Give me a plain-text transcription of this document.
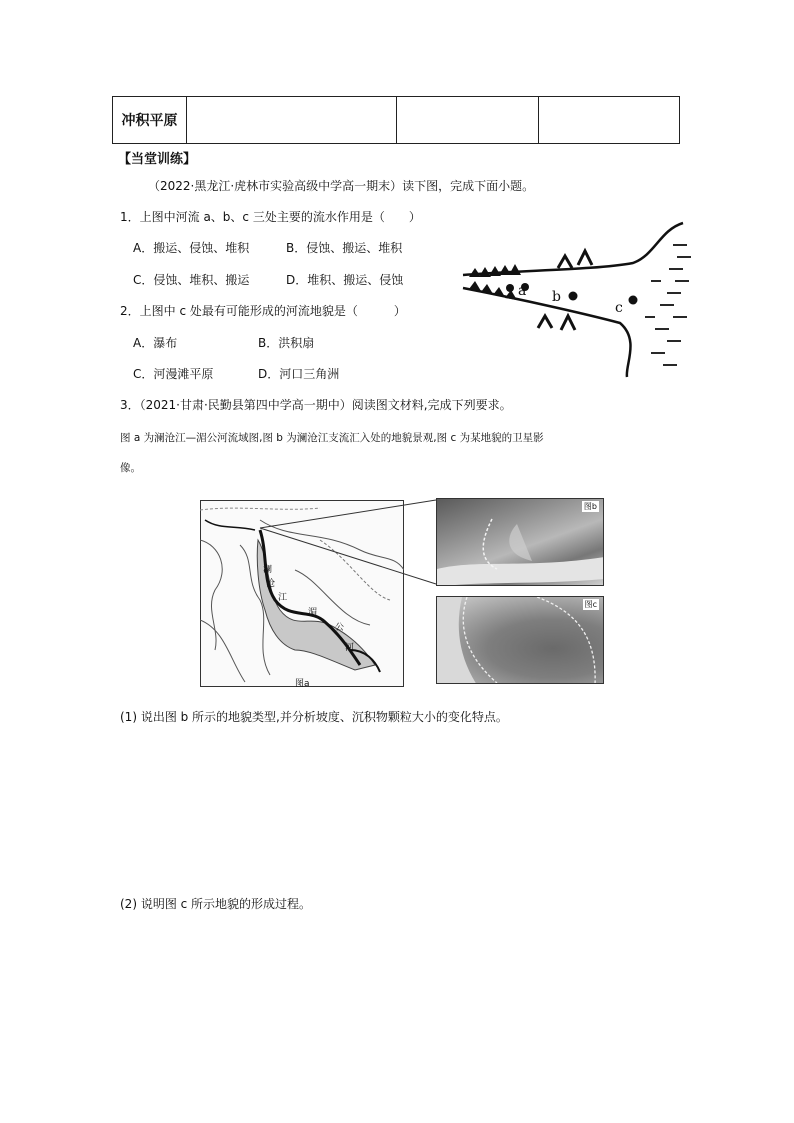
冲积平原
【当堂训练】
（2022·黑龙江·虎林市实验高级中学高一期末）读下图，完成下面小题。
1．上图中河流 a、b、c 三处主要的流水作用是（　　）
A．搬运、侵蚀、堆积	B．侵蚀、搬运、堆积
C．侵蚀、堆积、搬运	D．堆积、搬运、侵蚀
2．上图中 c 处最有可能形成的河流地貌是（　　　）
A．瀑布	B．洪积扇
C．河漫滩平原	D．河口三角洲
a b
c
3．（2021·甘肃·民勤县第四中学高一期中）阅读图文材料,完成下列要求。
图 a 为澜沧江—湄公河流域图,图 b 为澜沧江支流汇入处的地貌景观,图 c 为某地貌的卫星影
像。
澜
沧
江
湄
公
河
图a
图b
图c
(1) 说出图 b 所示的地貌类型,并分析坡度、沉积物颗粒大小的变化特点。
(2) 说明图 c 所示地貌的形成过程。
